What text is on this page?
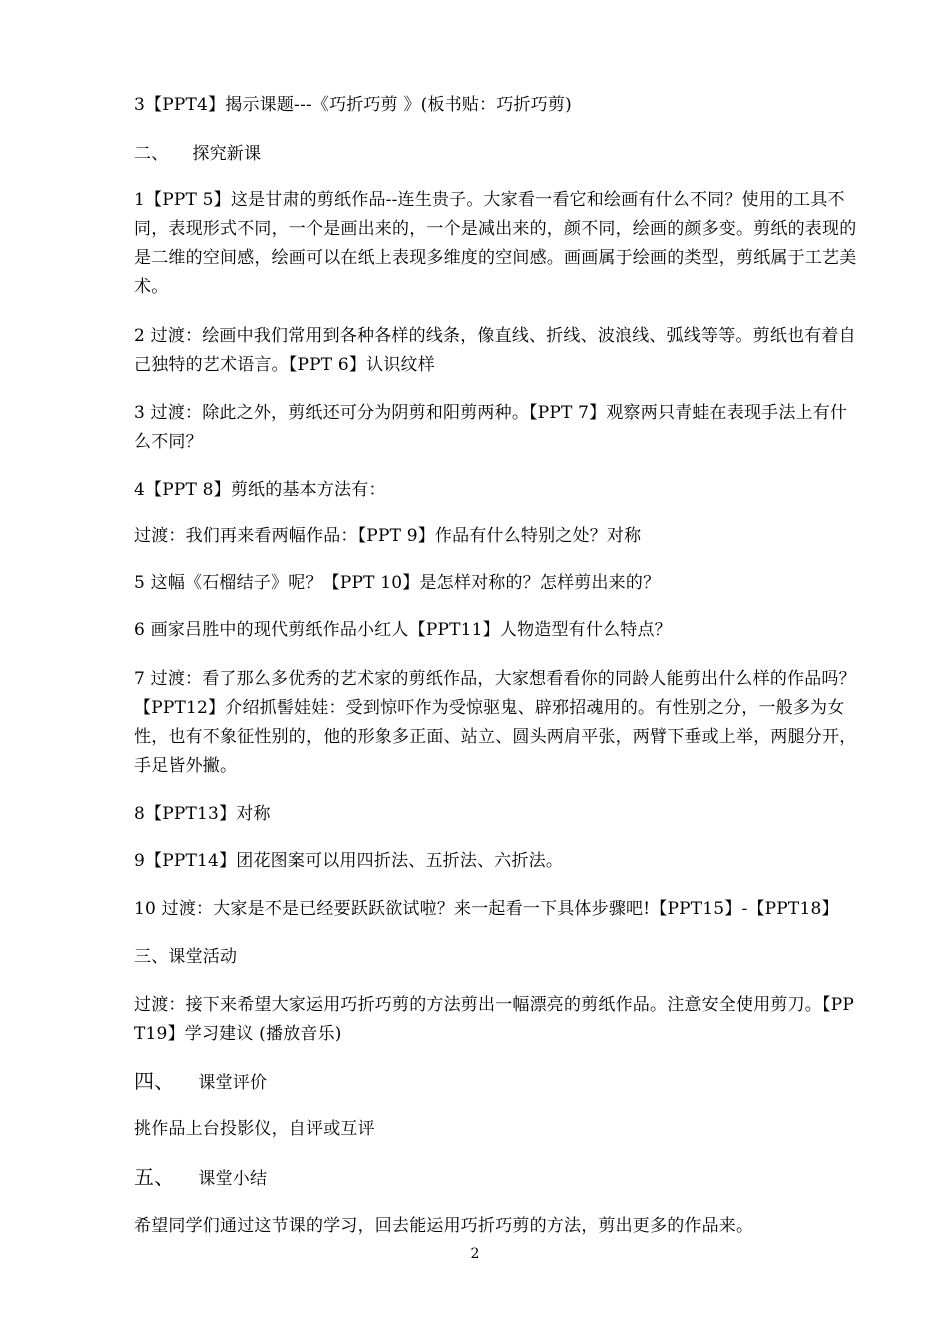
3【PPT4】揭示课题---《巧折巧剪 》(板书贴：巧折巧剪)

二、 探究新课

1【PPT 5】这是甘肃的剪纸作品--连生贵子。大家看一看它和绘画有什么不同？使用的工具不同，表现形式不同，一个是画出来的，一个是减出来的，颜不同，绘画的颜多变。剪纸的表现的是二维的空间感，绘画可以在纸上表现多维度的空间感。画画属于绘画的类型，剪纸属于工艺美术。

2 过渡：绘画中我们常用到各种各样的线条，像直线、折线、波浪线、弧线等等。剪纸也有着自己独特的艺术语言。【PPT 6】认识纹样

3 过渡：除此之外，剪纸还可分为阴剪和阳剪两种。【PPT 7】观察两只青蛙在表现手法上有什么不同？

4【PPT 8】剪纸的基本方法有：

过渡：我们再来看两幅作品：【PPT 9】作品有什么特别之处？对称

5 这幅《石榴结子》呢？【PPT 10】是怎样对称的？怎样剪出来的？

6 画家吕胜中的现代剪纸作品小红人【PPT11】人物造型有什么特点？

7 过渡：看了那么多优秀的艺术家的剪纸作品，大家想看看你的同龄人能剪出什么样的作品吗？【PPT12】介绍抓髻娃娃：受到惊吓作为受惊驱鬼、辟邪招魂用的。有性别之分，一般多为女性，也有不象征性别的，他的形象多正面、站立、圆头两肩平张，两臂下垂或上举，两腿分开，手足皆外撇。

8【PPT13】对称

9【PPT14】团花图案可以用四折法、五折法、六折法。

10 过渡：大家是不是已经要跃跃欲试啦？来一起看一下具体步骤吧!【PPT15】-【PPT18】

三、课堂活动

过渡：接下来希望大家运用巧折巧剪的方法剪出一幅漂亮的剪纸作品。注意安全使用剪刀。【PPT19】学习建议 (播放音乐)

四、 课堂评价

挑作品上台投影仪，自评或互评

五、 课堂小结

希望同学们通过这节课的学习，回去能运用巧折巧剪的方法，剪出更多的作品来。

2
